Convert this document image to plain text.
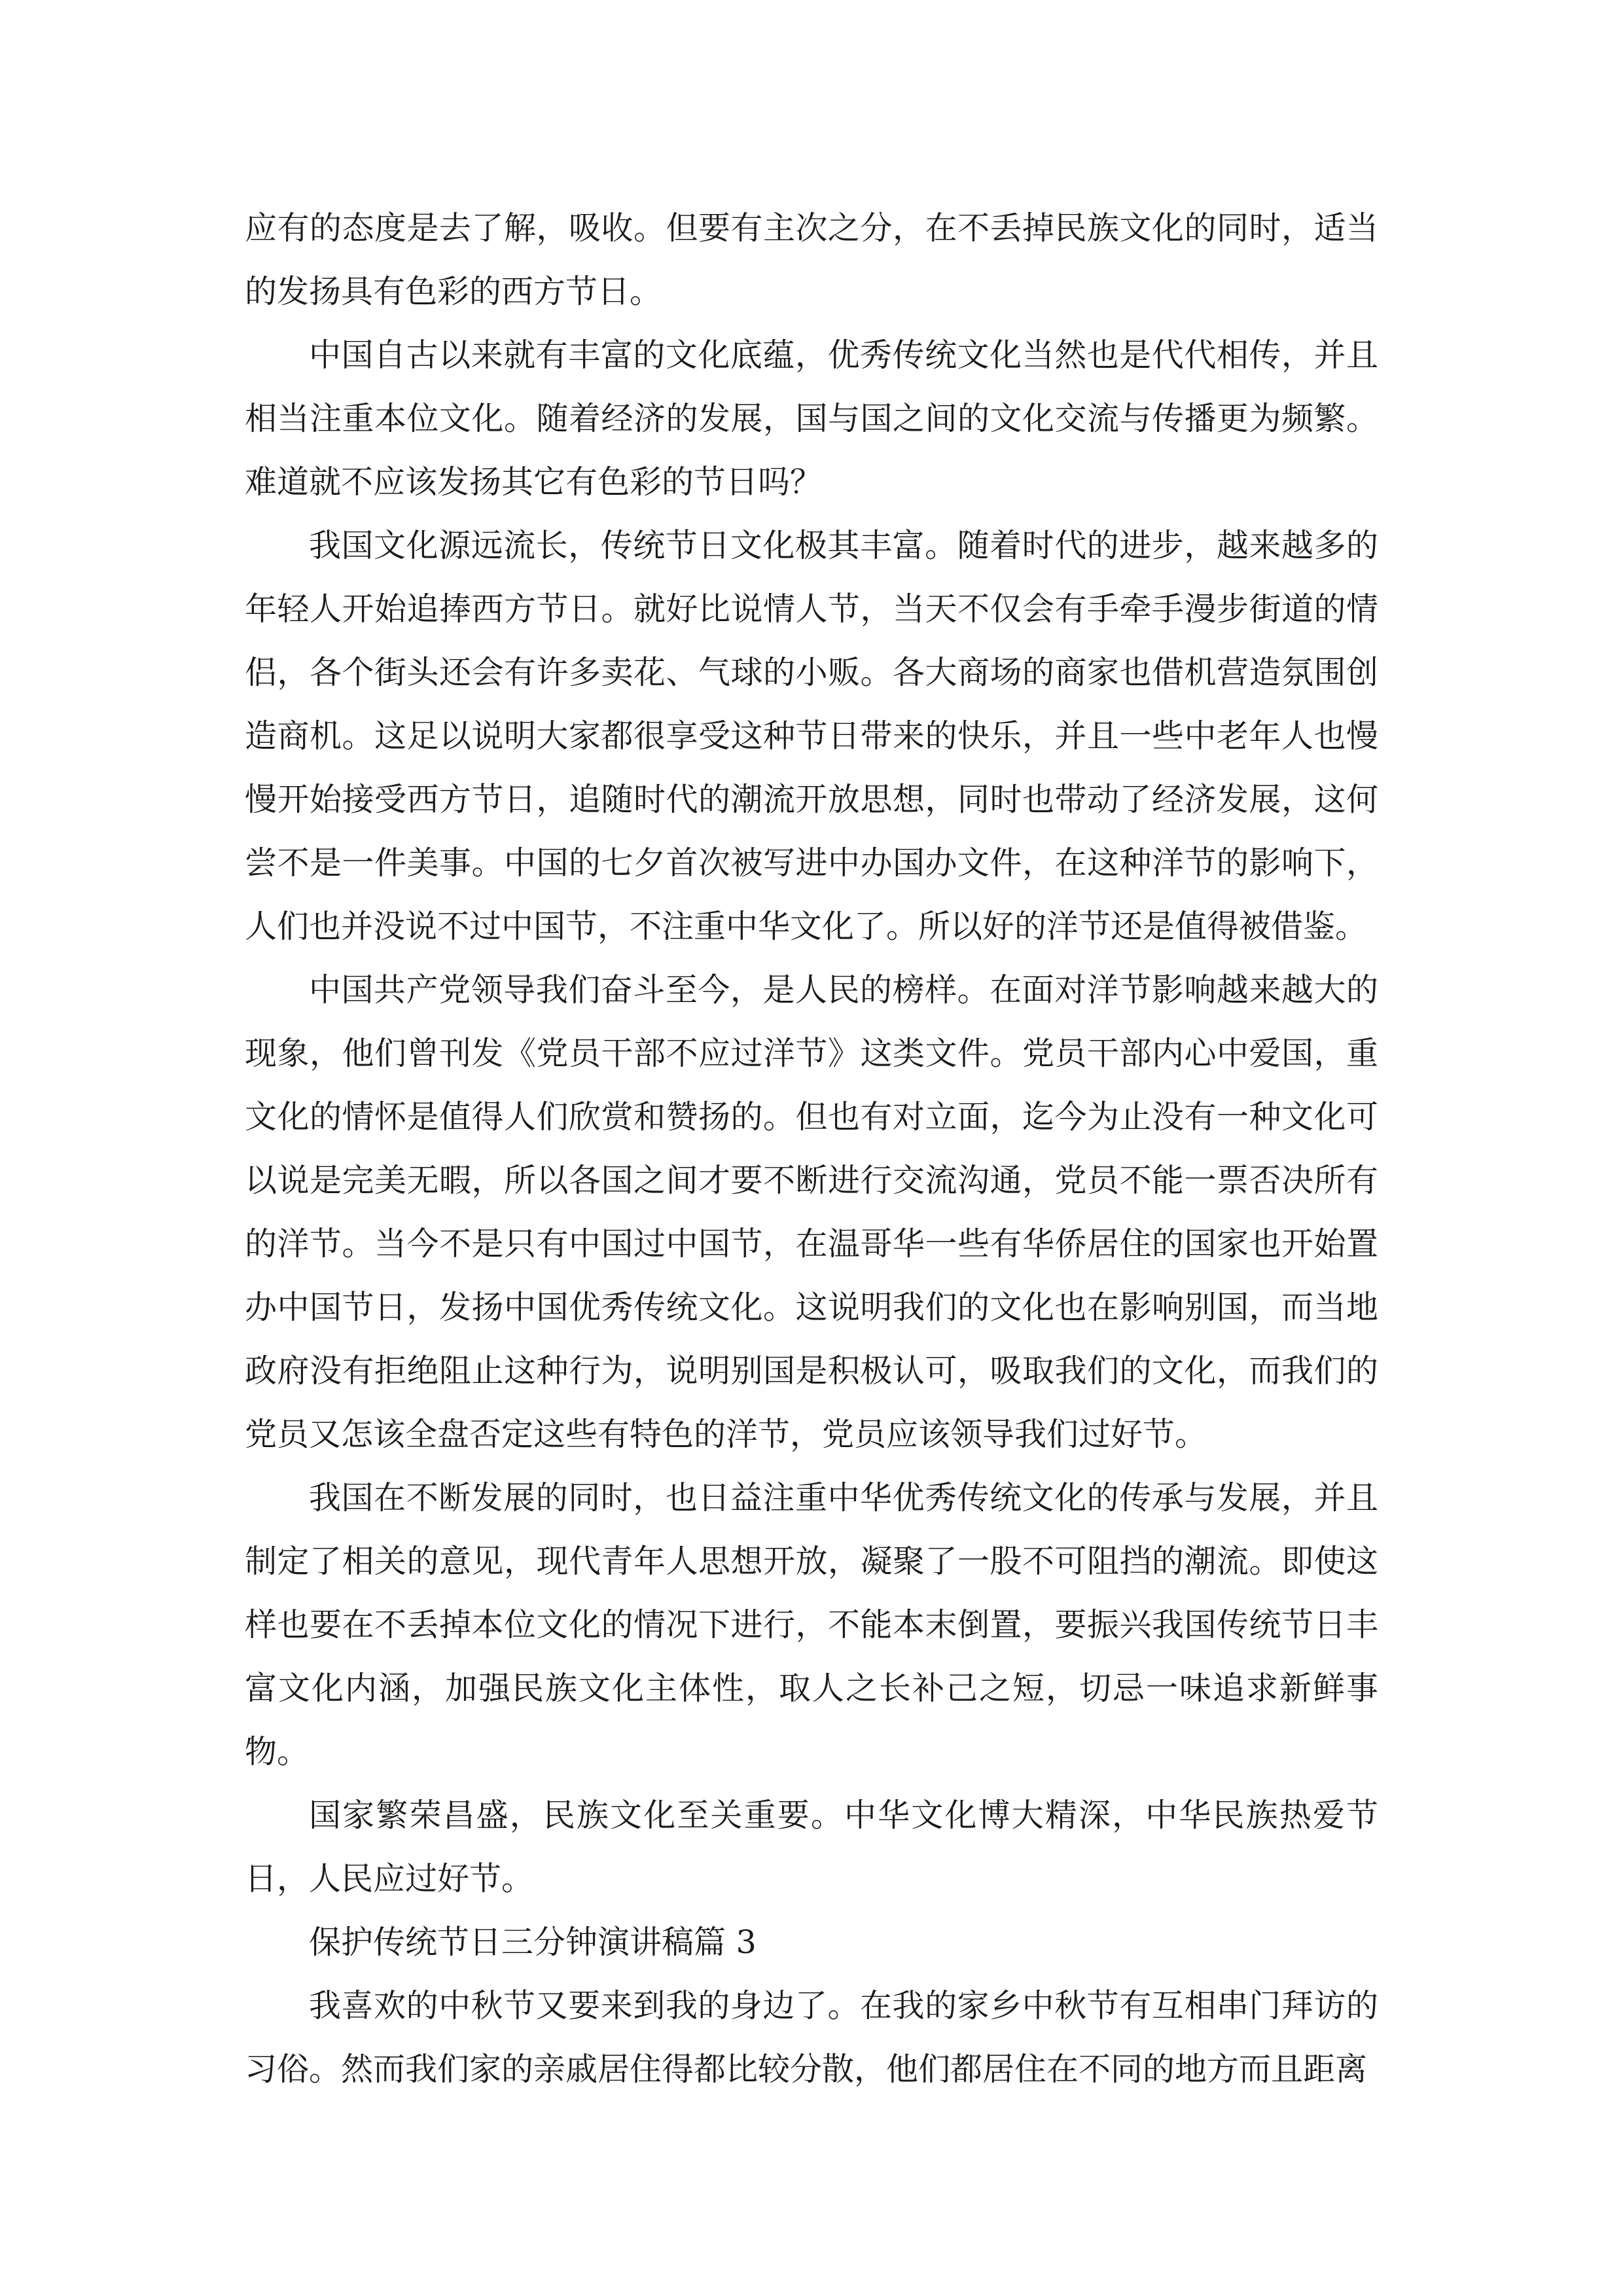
应有的态度是去了解，吸收。但要有主次之分，在不丢掉民族文化的同时，适当的发扬具有色彩的西方节日。

中国自古以来就有丰富的文化底蕴，优秀传统文化当然也是代代相传，并且相当注重本位文化。随着经济的发展，国与国之间的文化交流与传播更为频繁。难道就不应该发扬其它有色彩的节日吗？

我国文化源远流长，传统节日文化极其丰富。随着时代的进步，越来越多的年轻人开始追捧西方节日。就好比说情人节，当天不仅会有手牵手漫步街道的情侣，各个街头还会有许多卖花、气球的小贩。各大商场的商家也借机营造氛围创造商机。这足以说明大家都很享受这种节日带来的快乐，并且一些中老年人也慢慢开始接受西方节日，追随时代的潮流开放思想，同时也带动了经济发展，这何尝不是一件美事。中国的七夕首次被写进中办国办文件，在这种洋节的影响下，人们也并没说不过中国节，不注重中华文化了。所以好的洋节还是值得被借鉴。

中国共产党领导我们奋斗至今，是人民的榜样。在面对洋节影响越来越大的现象，他们曾刊发《党员干部不应过洋节》这类文件。党员干部内心中爱国，重文化的情怀是值得人们欣赏和赞扬的。但也有对立面，迄今为止没有一种文化可以说是完美无暇，所以各国之间才要不断进行交流沟通，党员不能一票否决所有的洋节。当今不是只有中国过中国节，在温哥华一些有华侨居住的国家也开始置办中国节日，发扬中国优秀传统文化。这说明我们的文化也在影响别国，而当地政府没有拒绝阻止这种行为，说明别国是积极认可，吸取我们的文化，而我们的党员又怎该全盘否定这些有特色的洋节，党员应该领导我们过好节。

我国在不断发展的同时，也日益注重中华优秀传统文化的传承与发展，并且制定了相关的意见，现代青年人思想开放，凝聚了一股不可阻挡的潮流。即使这样也要在不丢掉本位文化的情况下进行，不能本末倒置，要振兴我国传统节日丰富文化内涵，加强民族文化主体性，取人之长补己之短，切忌一味追求新鲜事物。

国家繁荣昌盛，民族文化至关重要。中华文化博大精深，中华民族热爱节日，人民应过好节。

保护传统节日三分钟演讲稿篇 3

我喜欢的中秋节又要来到我的身边了。在我的家乡中秋节有互相串门拜访的习俗。然而我们家的亲戚居住得都比较分散，他们都居住在不同的地方而且距离
